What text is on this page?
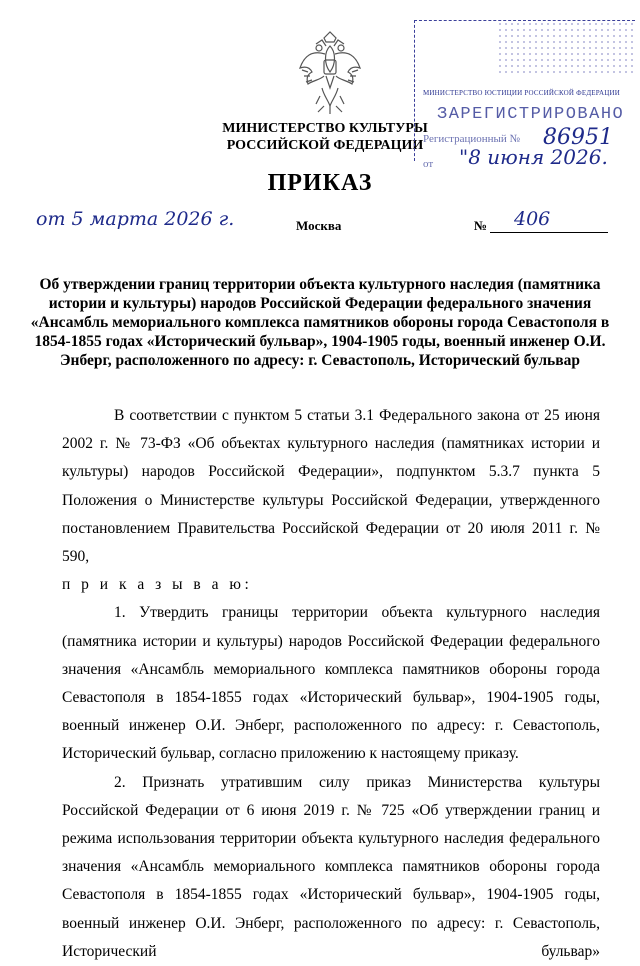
МИНИСТЕРСТВО КУЛЬТУРЫ
РОССИЙСКОЙ ФЕДЕРАЦИИ
МИНИСТЕРСТВО ЮСТИЦИИ РОССИЙСКОЙ ФЕДЕРАЦИИ
ЗАРЕГИСТРИРОВАНО
Регистрационный № 86951
от "8 июня 2026.
ПРИКАЗ
от 5 марта 2026 г.	Москва	№ 406
Об утверждении границ территории объекта культурного наследия (памятника истории и культуры) народов Российской Федерации федерального значения «Ансамбль мемориального комплекса памятников обороны города Севастополя в 1854-1855 годах «Исторический бульвар», 1904-1905 годы, военный инженер О.И. Энберг, расположенного по адресу: г. Севастополь, Исторический бульвар

В соответствии с пунктом 5 статьи 3.1 Федерального закона от 25 июня 2002 г. № 73-ФЗ «Об объектах культурного наследия (памятниках истории и культуры) народов Российской Федерации», подпунктом 5.3.7 пункта 5 Положения о Министерстве культуры Российской Федерации, утвержденного постановлением Правительства Российской Федерации от 20 июля 2011 г. № 590,

п р и к а з ы в а ю:

1. Утвердить границы территории объекта культурного наследия (памятника истории и культуры) народов Российской Федерации федерального значения «Ансамбль мемориального комплекса памятников обороны города Севастополя в 1854-1855 годах «Исторический бульвар», 1904-1905 годы, военный инженер О.И. Энберг, расположенного по адресу: г. Севастополь, Исторический бульвар, согласно приложению к настоящему приказу.

2. Признать утратившим силу приказ Министерства культуры Российской Федерации от 6 июня 2019 г. № 725 «Об утверждении границ и режима использования территории объекта культурного наследия федерального значения «Ансамбль мемориального комплекса памятников обороны города Севастополя в 1854-1855 годах «Исторический бульвар», 1904-1905 годы, военный инженер О.И. Энберг, расположенного по адресу: г. Севастополь, Исторический бульвар»
